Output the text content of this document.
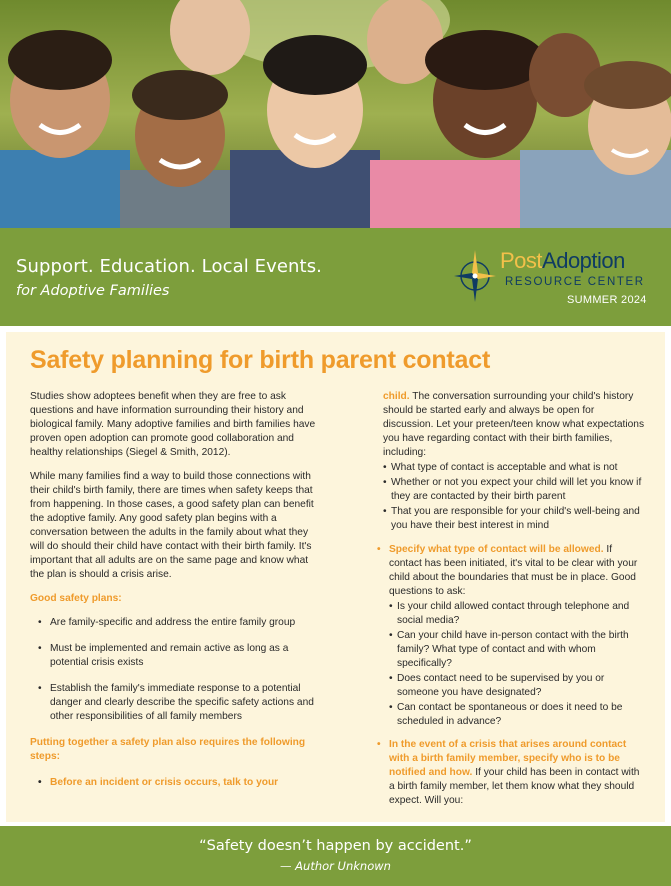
Support. Education. Local Events.
for Adoptive Families
PostAdoption
RESOURCE CENTER
SUMMER 2024
Safety planning for birth parent contact

Studies show adoptees benefit when they are free to ask questions and have information surrounding their history and biological family. Many adoptive families and birth families have proven open adoption can promote good collaboration and healthy relationships (Siegel & Smith, 2012).

While many families find a way to build those connections with their child's birth family, there are times when safety keeps that from happening. In those cases, a good safety plan can benefit the adoptive family. Any good safety plan begins with a conversation between the adults in the family about what they will do should their child have contact with their birth family. It's important that all adults are on the same page and know what the plan is should a crisis arise.

Good safety plans:
• Are family-specific and address the entire family group
• Must be implemented and remain active as long as a potential crisis exists
• Establish the family's immediate response to a potential danger and clearly describe the specific safety actions and other responsibilities of all family members
Putting together a safety plan also requires the following steps:
• Before an incident or crisis occurs, talk to your
child. The conversation surrounding your child's history should be started early and always be open for discussion. Let your preteen/teen know what expectations you have regarding contact with their birth families, including:
• What type of contact is acceptable and what is not
• Whether or not you expect your child will let you know if they are contacted by their birth parent
• That you are responsible for your child's well-being and you have their best interest in mind
• Specify what type of contact will be allowed. If contact has been initiated, it's vital to be clear with your child about the boundaries that must be in place. Good questions to ask:
• Is your child allowed contact through telephone and social media?
• Can your child have in-person contact with the birth family? What type of contact and with whom specifically?
• Does contact need to be supervised by you or someone you have designated?
• Can contact be spontaneous or does it need to be scheduled in advance?
• In the event of a crisis that arises around contact with a birth family member, specify who is to be notified and how. If your child has been in contact with a birth family member, let them know what they should expect. Will you:
“Safety doesn’t happen by accident.”
— Author Unknown
